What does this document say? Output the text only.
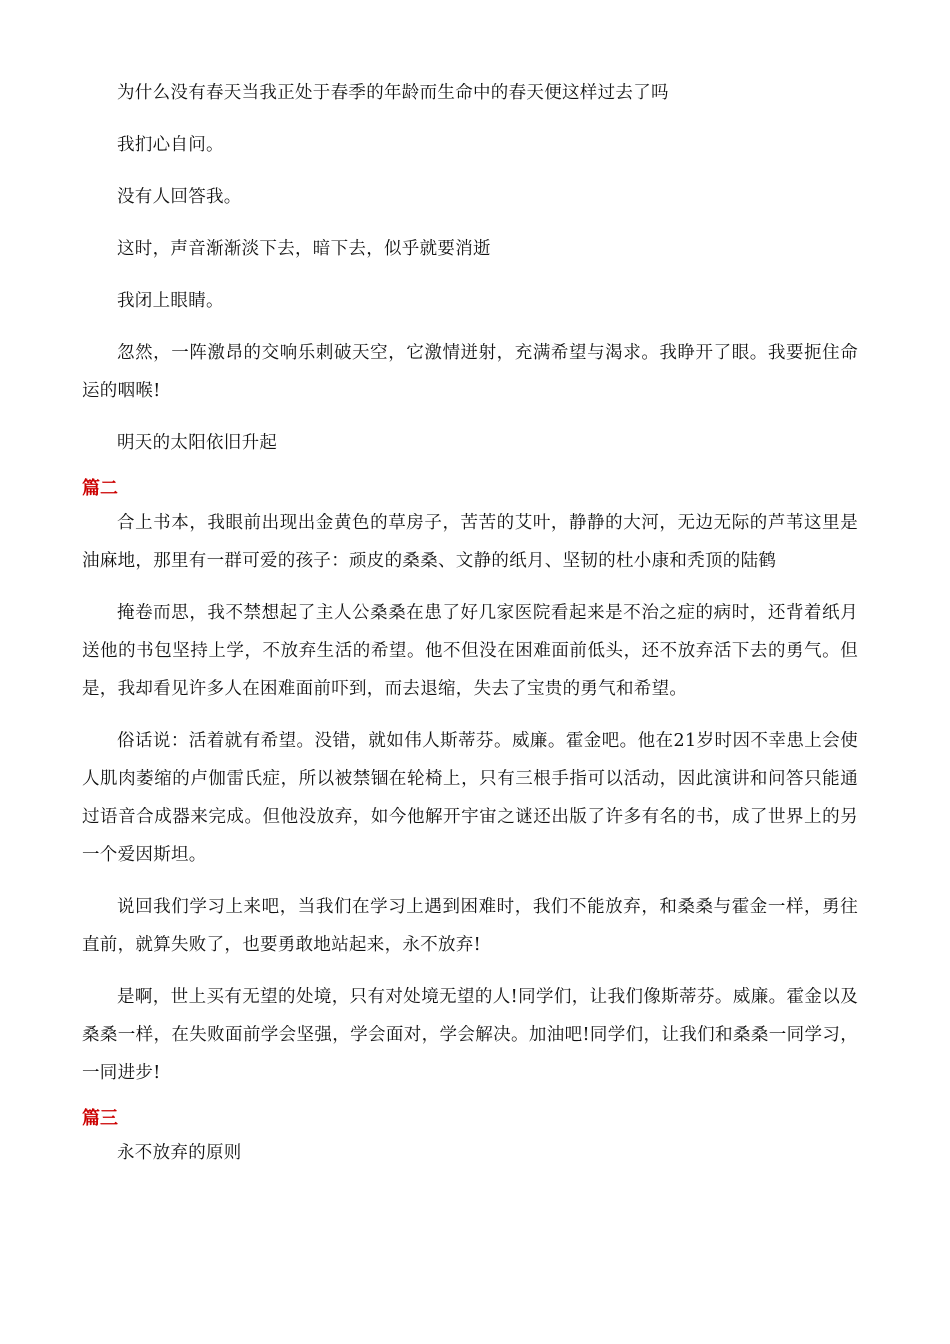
为什么没有春天当我正处于春季的年龄而生命中的春天便这样过去了吗

我扪心自问。

没有人回答我。

这时，声音渐渐淡下去，暗下去，似乎就要消逝

我闭上眼睛。

忽然，一阵激昂的交响乐刺破天空，它激情迸射，充满希望与渴求。我睁开了眼。我要扼住命运的咽喉!

明天的太阳依旧升起

篇二

合上书本，我眼前出现出金黄色的草房子，苦苦的艾叶，静静的大河，无边无际的芦苇这里是油麻地，那里有一群可爱的孩子：顽皮的桑桑、文静的纸月、坚韧的杜小康和秃顶的陆鹤

掩卷而思，我不禁想起了主人公桑桑在患了好几家医院看起来是不治之症的病时，还背着纸月送他的书包坚持上学，不放弃生活的希望。他不但没在困难面前低头，还不放弃活下去的勇气。但是，我却看见许多人在困难面前吓到，而去退缩，失去了宝贵的勇气和希望。

俗话说：活着就有希望。没错，就如伟人斯蒂芬。威廉。霍金吧。他在21岁时因不幸患上会使人肌肉萎缩的卢伽雷氏症，所以被禁锢在轮椅上，只有三根手指可以活动，因此演讲和问答只能通过语音合成器来完成。但他没放弃，如今他解开宇宙之谜还出版了许多有名的书，成了世界上的另一个爱因斯坦。

说回我们学习上来吧，当我们在学习上遇到困难时，我们不能放弃，和桑桑与霍金一样，勇往直前，就算失败了，也要勇敢地站起来，永不放弃!

是啊，世上买有无望的处境，只有对处境无望的人!同学们，让我们像斯蒂芬。威廉。霍金以及桑桑一样，在失败面前学会坚强，学会面对，学会解决。加油吧!同学们，让我们和桑桑一同学习，一同进步!

篇三

永不放弃的原则
